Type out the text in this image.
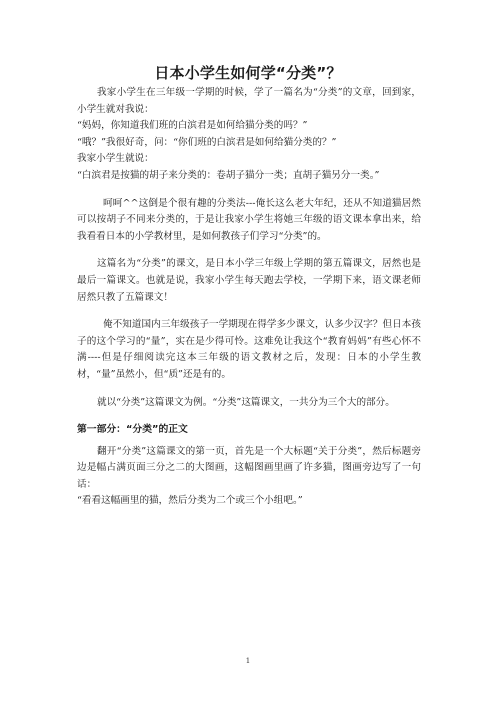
日本小学生如何学“分类”？

我家小学生在三年级一学期的时候，学了一篇名为“分类”的文章，回到家，小学生就对我说：

“妈妈，你知道我们班的白滨君是如何给猫分类的吗？”

“哦？”我很好奇，问：“你们班的白滨君是如何给猫分类的？”

我家小学生就说：

“白滨君是按猫的胡子来分类的：卷胡子猫分一类；直胡子猫另分一类。”

呵呵^^这倒是个很有趣的分类法---俺长这么老大年纪，还从不知道猫居然可以按胡子不同来分类的，于是让我家小学生将她三年级的语文课本拿出来，给我看看日本的小学教材里，是如何教孩子们学习“分类”的。

这篇名为“分类”的课文，是日本小学三年级上学期的第五篇课文，居然也是最后一篇课文。也就是说，我家小学生每天跑去学校，一学期下来，语文课老师居然只教了五篇课文！

俺不知道国内三年级孩子一学期现在得学多少课文，认多少汉字？但日本孩子的这个学习的“量”，实在是少得可怜。这难免让我这个“教育妈妈”有些心怀不满----但是仔细阅读完这本三年级的语文教材之后，发现：日本的小学生教材，“量”虽然小，但“质”还是有的。

就以“分类”这篇课文为例。“分类”这篇课文，一共分为三个大的部分。

第一部分：“分类”的正文

翻开“分类”这篇课文的第一页，首先是一个大标题“关于分类”，然后标题旁边是幅占满页面三分之二的大图画，这幅图画里画了许多猫，图画旁边写了一句话：

“看看这幅画里的猫，然后分类为二个或三个小组吧。”

1
